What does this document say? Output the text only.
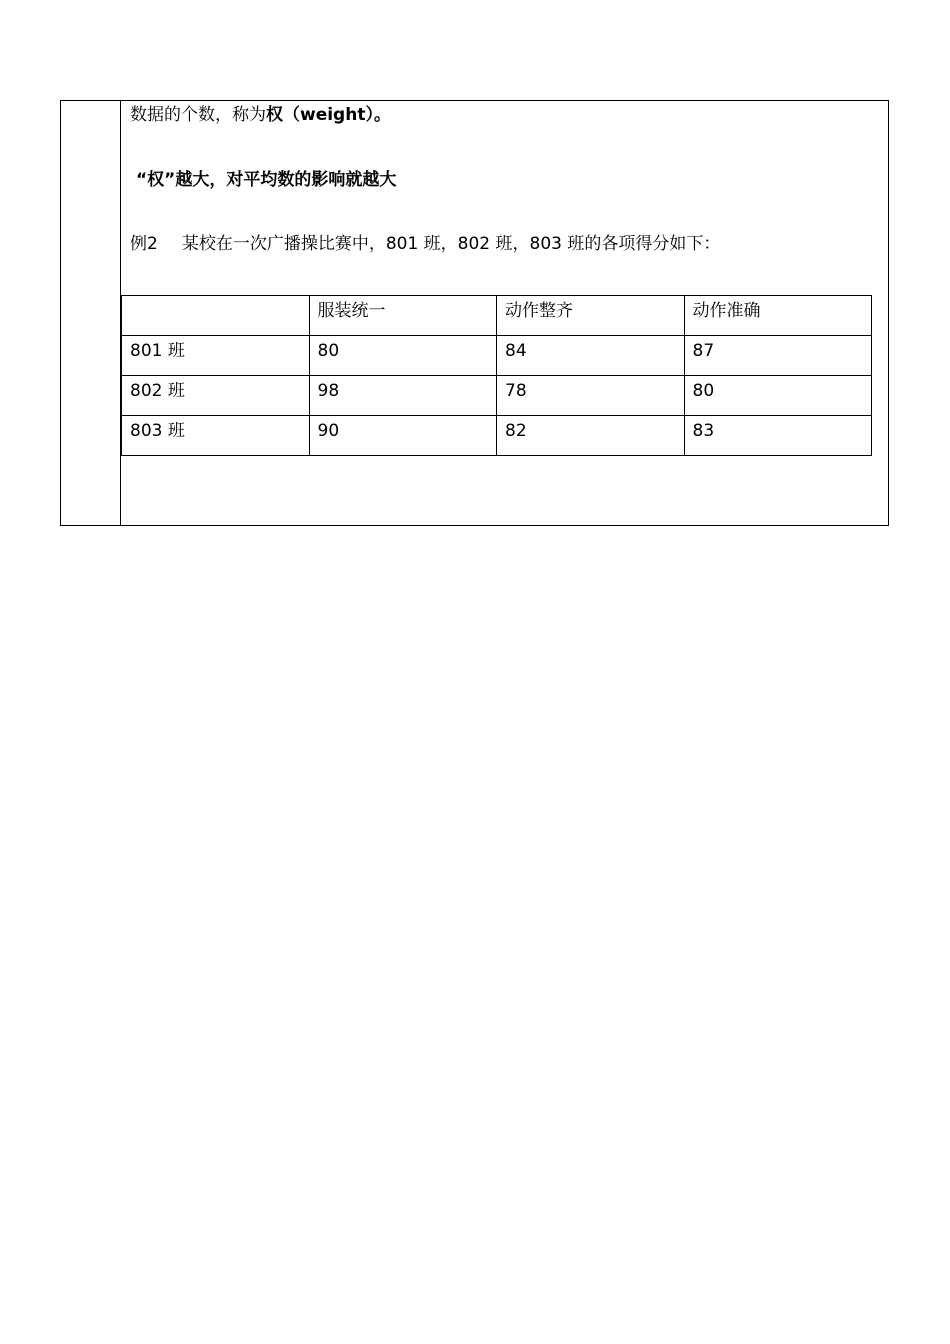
数据的个数，称为权（weight）。
“权”越大，对平均数的影响就越大
例2 某校在一次广播操比赛中，801 班，802 班，803 班的各项得分如下：
	服装统一	动作整齐	动作准确
801 班	80	84	87
802 班	98	78	80
803 班	90	82	83
